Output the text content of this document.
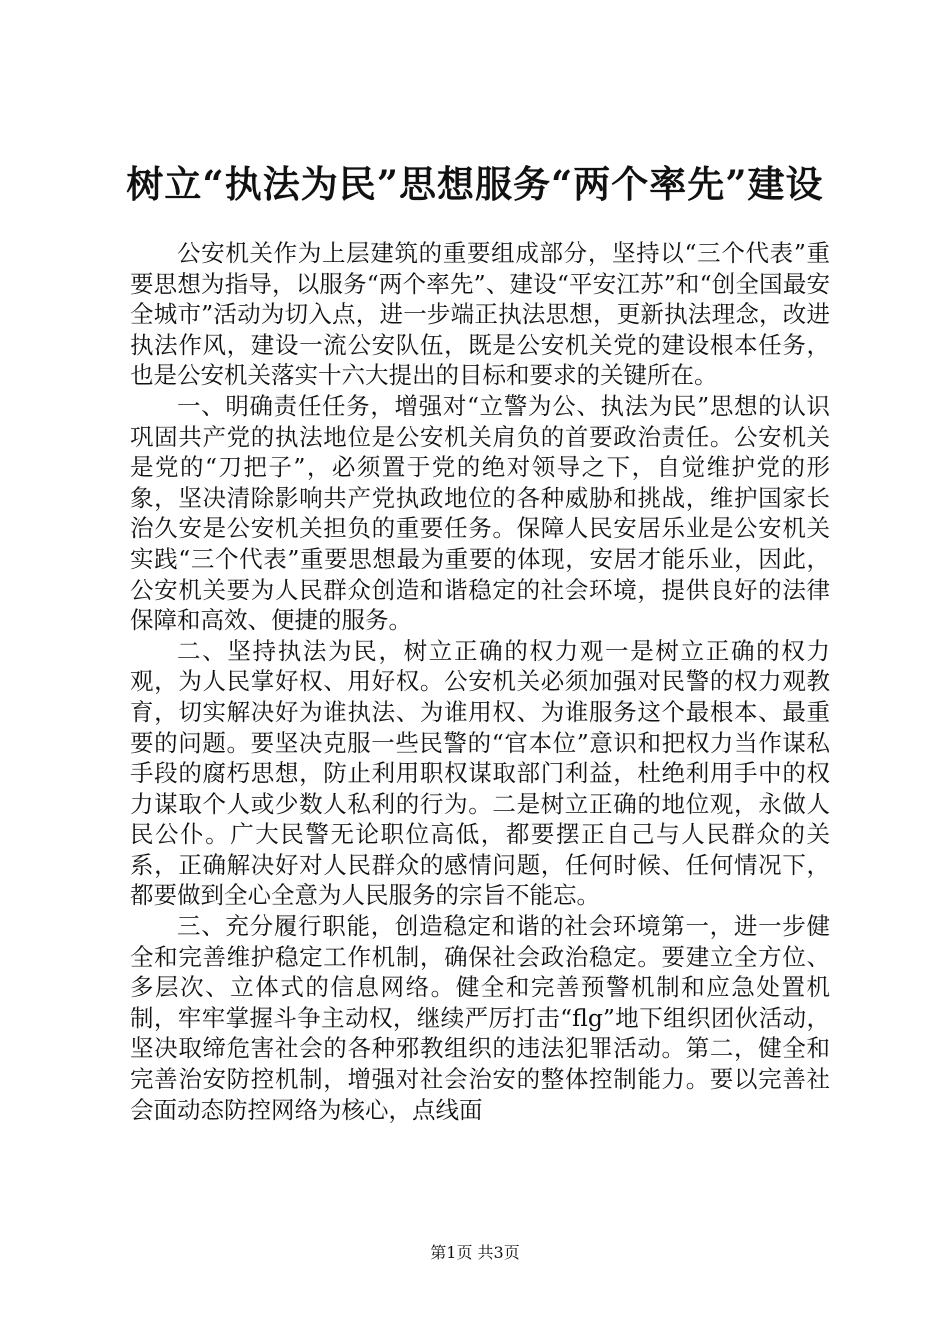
树立“执法为民”思想服务“两个率先”建设

公安机关作为上层建筑的重要组成部分，坚持以“三个代表”重要思想为指导，以服务“两个率先”、建设“平安江苏”和“创全国最安全城市”活动为切入点，进一步端正执法思想，更新执法理念，改进执法作风，建设一流公安队伍，既是公安机关党的建设根本任务，也是公安机关落实十六大提出的目标和要求的关键所在。

一、明确责任任务，增强对“立警为公、执法为民”思想的认识巩固共产党的执法地位是公安机关肩负的首要政治责任。公安机关是党的“刀把子”，必须置于党的绝对领导之下，自觉维护党的形象，坚决清除影响共产党执政地位的各种威胁和挑战，维护国家长治久安是公安机关担负的重要任务。保障人民安居乐业是公安机关实践“三个代表”重要思想最为重要的体现，安居才能乐业，因此，公安机关要为人民群众创造和谐稳定的社会环境，提供良好的法律保障和高效、便捷的服务。

二、坚持执法为民，树立正确的权力观一是树立正确的权力观，为人民掌好权、用好权。公安机关必须加强对民警的权力观教育，切实解决好为谁执法、为谁用权、为谁服务这个最根本、最重要的问题。要坚决克服一些民警的“官本位”意识和把权力当作谋私手段的腐朽思想，防止利用职权谋取部门利益，杜绝利用手中的权力谋取个人或少数人私利的行为。二是树立正确的地位观，永做人民公仆。广大民警无论职位高低，都要摆正自己与人民群众的关系，正确解决好对人民群众的感情问题，任何时候、任何情况下，都要做到全心全意为人民服务的宗旨不能忘。

三、充分履行职能，创造稳定和谐的社会环境第一，进一步健全和完善维护稳定工作机制，确保社会政治稳定。要建立全方位、多层次、立体式的信息网络。健全和完善预警机制和应急处置机制，牢牢掌握斗争主动权，继续严厉打击“flg”地下组织团伙活动，坚决取缔危害社会的各种邪教组织的违法犯罪活动。第二，健全和完善治安防控机制，增强对社会治安的整体控制能力。要以完善社会面动态防控网络为核心，点线面

第1页 共3页
